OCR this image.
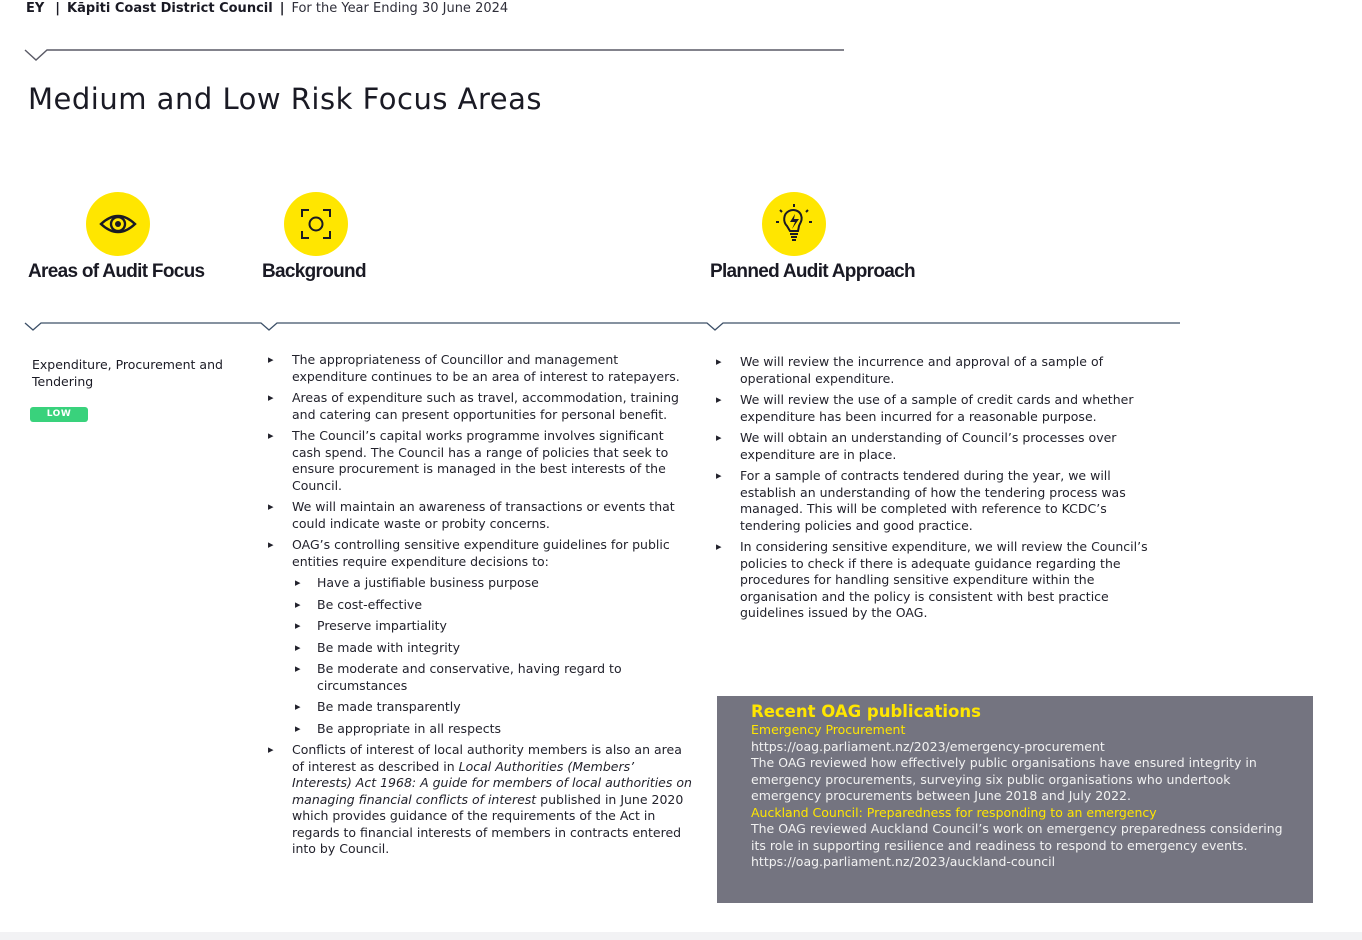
EY | Kāpiti Coast District Council | For the Year Ending 30 June 2024
Medium and Low Risk Focus Areas
Areas of Audit Focus	Background	Planned Audit Approach
Expenditure, Procurement and Tendering
LOW
▸ The appropriateness of Councillor and management expenditure continues to be an area of interest to ratepayers.
▸ Areas of expenditure such as travel, accommodation, training and catering can present opportunities for personal benefit.
▸ The Council’s capital works programme involves significant cash spend. The Council has a range of policies that seek to ensure procurement is managed in the best interests of the Council.
▸ We will maintain an awareness of transactions or events that could indicate waste or probity concerns.
▸ OAG’s controlling sensitive expenditure guidelines for public entities require expenditure decisions to:
▸ Have a justifiable business purpose
▸ Be cost-effective
▸ Preserve impartiality
▸ Be made with integrity
▸ Be moderate and conservative, having regard to circumstances
▸ Be made transparently
▸ Be appropriate in all respects
▸ Conflicts of interest of local authority members is also an area of interest as described in Local Authorities (Members’ Interests) Act 1968: A guide for members of local authorities on managing financial conflicts of interest published in June 2020 which provides guidance of the requirements of the Act in regards to financial interests of members in contracts entered into by Council.
▸ We will review the incurrence and approval of a sample of operational expenditure.
▸ We will review the use of a sample of credit cards and whether expenditure has been incurred for a reasonable purpose.
▸ We will obtain an understanding of Council’s processes over expenditure are in place.
▸ For a sample of contracts tendered during the year, we will establish an understanding of how the tendering process was managed. This will be completed with reference to KCDC’s tendering policies and good practice.
▸ In considering sensitive expenditure, we will review the Council’s policies to check if there is adequate guidance regarding the procedures for handling sensitive expenditure within the organisation and the policy is consistent with best practice guidelines issued by the OAG.
Recent OAG publications
Emergency Procurement
https://oag.parliament.nz/2023/emergency-procurement
The OAG reviewed how effectively public organisations have ensured integrity in emergency procurements, surveying six public organisations who undertook emergency procurements between June 2018 and July 2022.
Auckland Council: Preparedness for responding to an emergency
The OAG reviewed Auckland Council’s work on emergency preparedness considering its role in supporting resilience and readiness to respond to emergency events.
https://oag.parliament.nz/2023/auckland-council
